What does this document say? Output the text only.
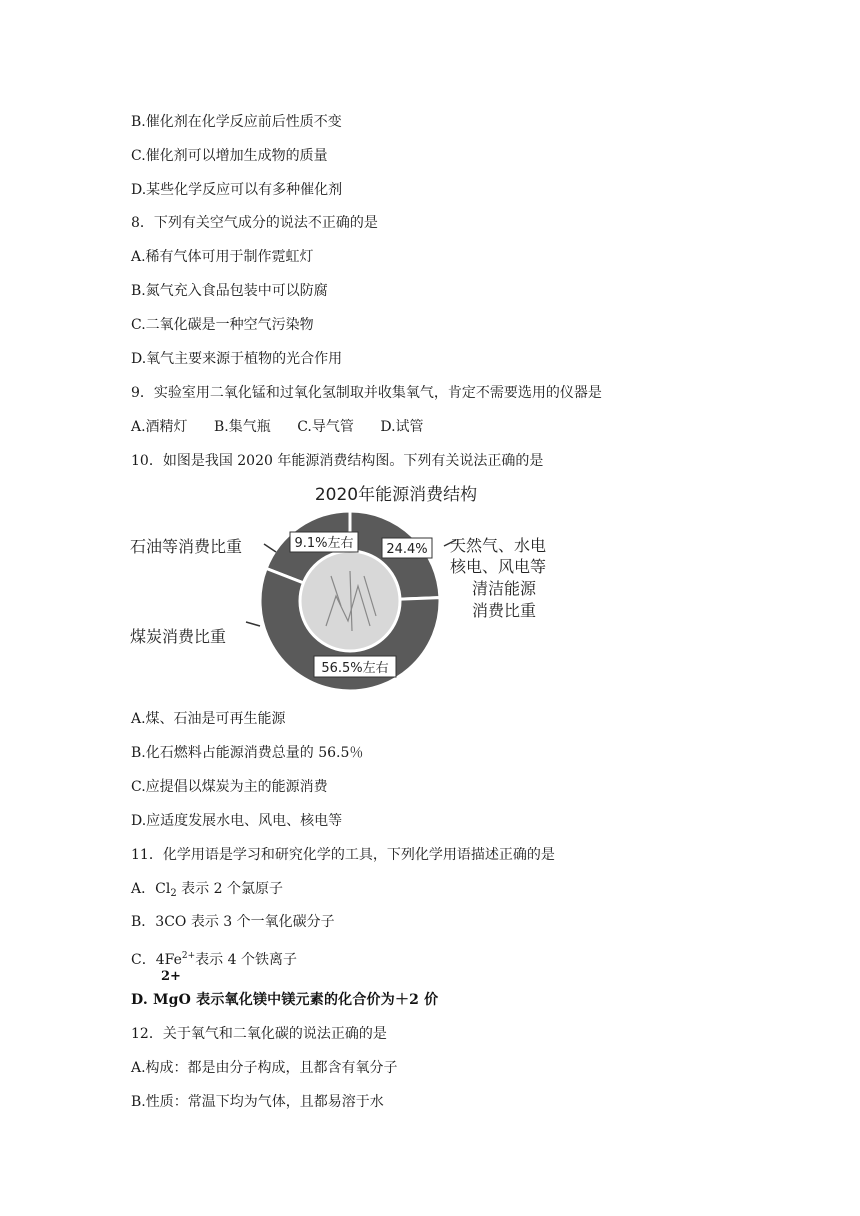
B.催化剂在化学反应前后性质不变
C.催化剂可以增加生成物的质量
D.某些化学反应可以有多种催化剂
8．下列有关空气成分的说法不正确的是
A.稀有气体可用于制作霓虹灯
B.氮气充入食品包装中可以防腐
C.二氧化碳是一种空气污染物
D.氧气主要来源于植物的光合作用
9．实验室用二氧化锰和过氧化氢制取并收集氧气，肯定不需要选用的仪器是
A.酒精灯 B.集气瓶 C.导气管 D.试管
10．如图是我国 2020 年能源消费结构图。下列有关说法正确的是
2020年能源消费结构
石油等消费比重	天然气、水电
核电、风电等
清洁能源
消费比重
煤炭消费比重
9.1%左右	24.4%
56.5%左右
A.煤、石油是可再生能源
B.化石燃料占能源消费总量的 56.5％
C.应提倡以煤炭为主的能源消费
D.应适度发展水电、风电、核电等
11．化学用语是学习和研究化学的工具，下列化学用语描述正确的是
A．$Cl_2$ 表示 2 个氯原子
B．3CO 表示 3 个一氧化碳分子
C．$4Fe^{2+}$表示 4 个铁离子
2+
D. MgO 表示氧化镁中镁元素的化合价为＋2 价
12．关于氧气和二氧化碳的说法正确的是
A.构成：都是由分子构成，且都含有氧分子
B.性质：常温下均为气体，且都易溶于水
